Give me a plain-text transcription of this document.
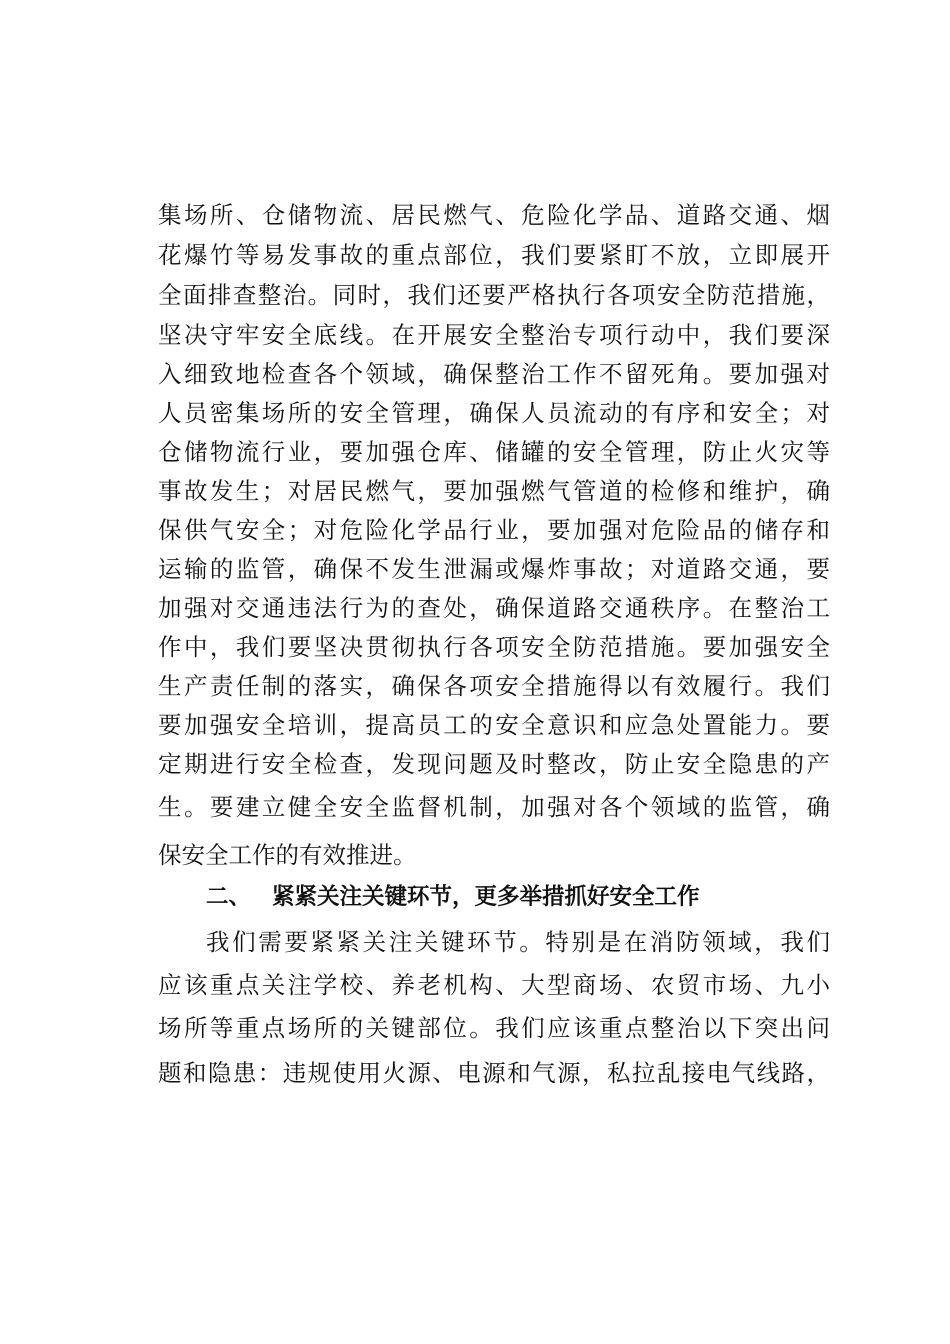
集场所、仓储物流、居民燃气、危险化学品、道路交通、烟
花爆竹等易发事故的重点部位，我们要紧盯不放，立即展开
全面排查整治。同时，我们还要严格执行各项安全防范措施，
坚决守牢安全底线。在开展安全整治专项行动中，我们要深
入细致地检查各个领域，确保整治工作不留死角。要加强对
人员密集场所的安全管理，确保人员流动的有序和安全；对
仓储物流行业，要加强仓库、储罐的安全管理，防止火灾等
事故发生；对居民燃气，要加强燃气管道的检修和维护，确
保供气安全；对危险化学品行业，要加强对危险品的储存和
运输的监管，确保不发生泄漏或爆炸事故；对道路交通，要
加强对交通违法行为的查处，确保道路交通秩序。在整治工
作中，我们要坚决贯彻执行各项安全防范措施。要加强安全
生产责任制的落实，确保各项安全措施得以有效履行。我们
要加强安全培训，提高员工的安全意识和应急处置能力。要
定期进行安全检查，发现问题及时整改，防止安全隐患的产
生。要建立健全安全监督机制，加强对各个领域的监管，确
保安全工作的有效推进。
二、 紧紧关注关键环节，更多举措抓好安全工作
我们需要紧紧关注关键环节。特别是在消防领域，我们
应该重点关注学校、养老机构、大型商场、农贸市场、九小
场所等重点场所的关键部位。我们应该重点整治以下突出问
题和隐患：违规使用火源、电源和气源，私拉乱接电气线路，
